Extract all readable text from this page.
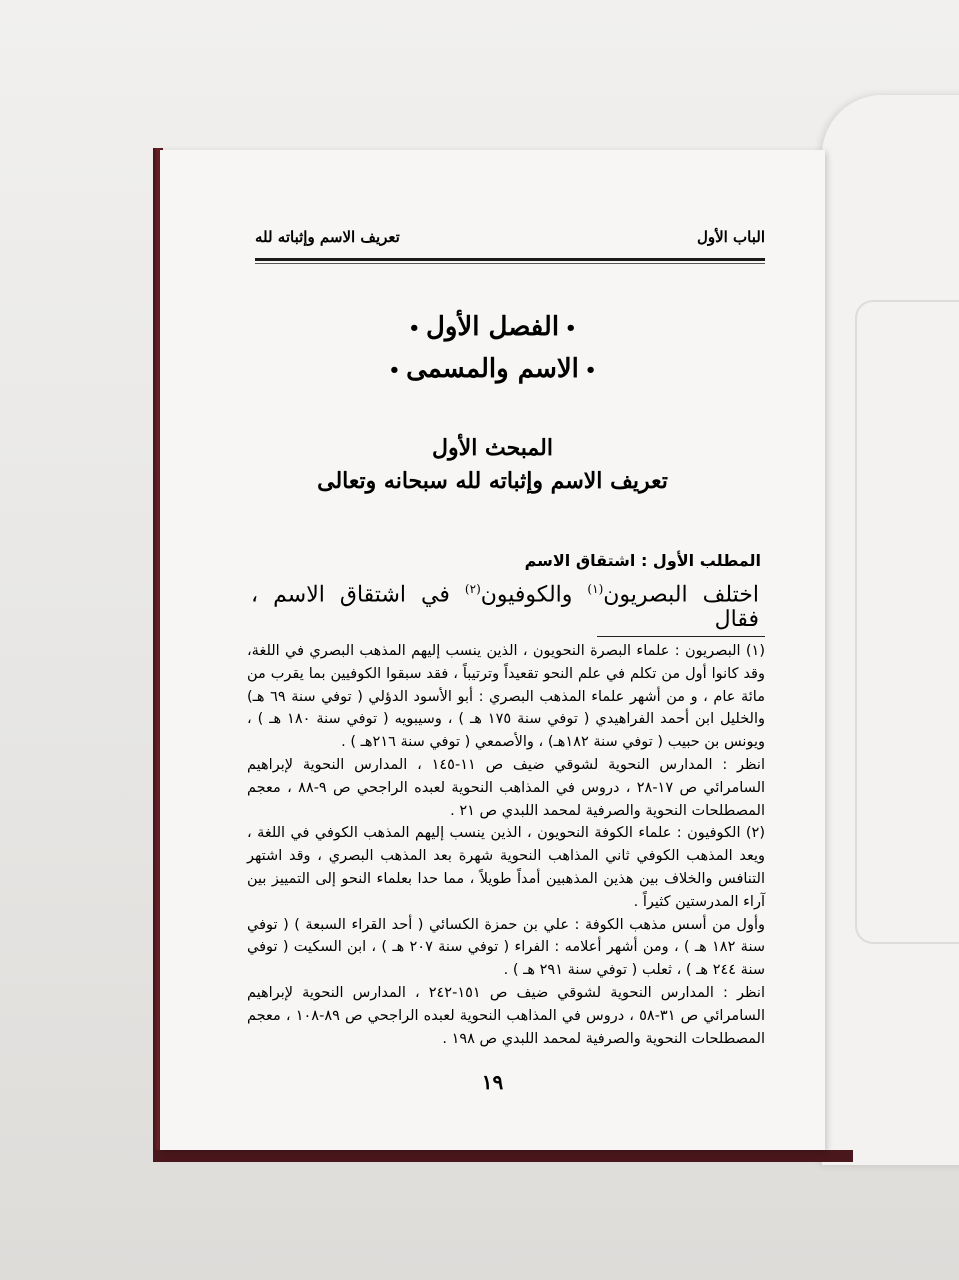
الباب الأول
تعريف الاسم وإثباته لله
•الفصل الأول•
•الاسم والمسمى•
المبحث الأول
تعريف الاسم وإثباته لله سبحانه وتعالى
المطلب الأول : اشتقاق الاسم
اختلف البصريون$^{(١)}$ والكوفيون$^{(٢)}$ في اشتقاق الاسم ، فقال

(١) البصريون : علماء البصرة النحويون ، الذين ينسب إليهم المذهب البصري في اللغة، وقد كانوا أول من تكلم في علم النحو تقعيداً وترتيباً ، فقد سبقوا الكوفيين بما يقرب من مائة عام ، و من أشهر علماء المذهب البصري : أبو الأسود الدؤلي ( توفي سنة ٦٩ هـ) والخليل ابن أحمد الفراهيدي ( توفي سنة ١٧٥ هـ ) ، وسيبويه ( توفي سنة ١٨٠ هـ ) ، ويونس بن حبيب ( توفي سنة ١٨٢هـ) ، والأصمعي ( توفي سنة ٢١٦هـ ) .

انظر : المدارس النحوية لشوقي ضيف ص ١١-١٤٥ ، المدارس النحوية لإبراهيم السامرائي ص ١٧-٢٨ ، دروس في المذاهب النحوية لعبده الراجحي ص ٩-٨٨ ، معجم المصطلحات النحوية والصرفية لمحمد اللبدي ص ٢١ .

(٢) الكوفيون : علماء الكوفة النحويون ، الذين ينسب إليهم المذهب الكوفي في اللغة ، ويعد المذهب الكوفي ثاني المذاهب النحوية شهرة بعد المذهب البصري ، وقد اشتهر التنافس والخلاف بين هذين المذهبين أمداً طويلاً ، مما حدا بعلماء النحو إلى التمييز بين آراء المدرستين كثيراً .

وأول من أسس مذهب الكوفة : علي بن حمزة الكسائي ( أحد القراء السبعة ) ( توفي سنة ١٨٢ هـ ) ، ومن أشهر أعلامه : الفراء ( توفي سنة ٢٠٧ هـ ) ، ابن السكيت ( توفي سنة ٢٤٤ هـ ) ، ثعلب ( توفي سنة ٢٩١ هـ ) .

انظر : المدارس النحوية لشوقي ضيف ص ١٥١-٢٤٢ ، المدارس النحوية لإبراهيم السامرائي ص ٣١-٥٨ ، دروس في المذاهب النحوية لعبده الراجحي ص ٨٩-١٠٨ ، معجم المصطلحات النحوية والصرفية لمحمد اللبدي ص ١٩٨ .

١٩
